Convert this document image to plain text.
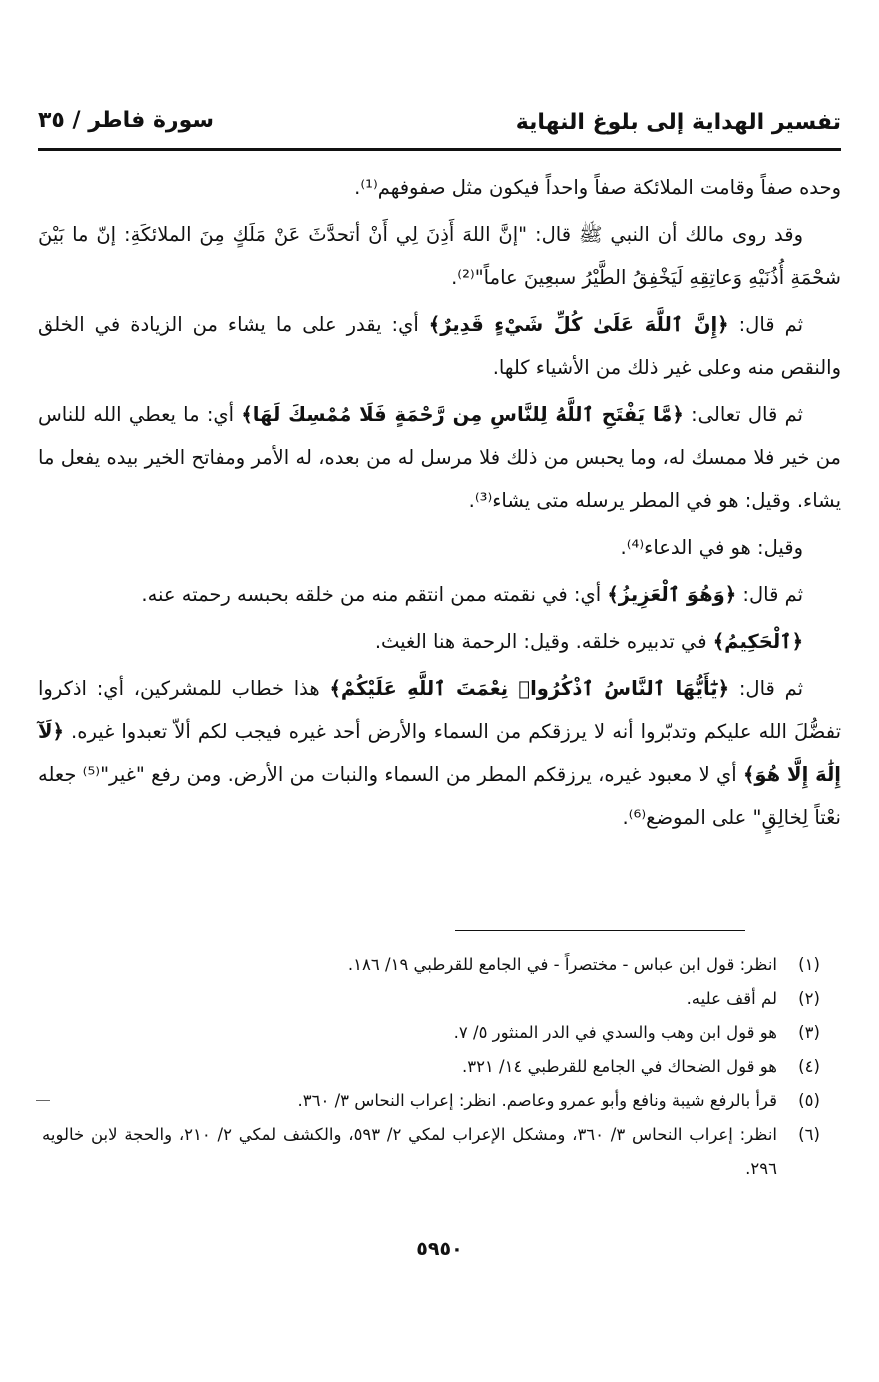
تفسير الهداية إلى بلوغ النهاية
سورة فاطر / ٣٥

وحده صفاً وقامت الملائكة صفاً واحداً فيكون مثل صفوفهم⁽¹⁾.

وقد روى مالك أن النبي ﷺ قال: "إنَّ اللهَ أَذِنَ لِي أَنْ أتحدَّثَ عَنْ مَلَكٍ مِنَ الملائكَةِ: إنّ ما بَيْنَ شحْمَةِ أُذُنَيْهِ وَعاتِقِهِ لَيَخْفِقُ الطَّيْرُ سبعِينَ عاماً"⁽²⁾.

ثم قال: ﴿إِنَّ ٱللَّهَ عَلَىٰ كُلِّ شَيْءٍ قَدِيرٌ﴾ أي: يقدر على ما يشاء من الزيادة في الخلق والنقص منه وعلى غير ذلك من الأشياء كلها.

ثم قال تعالى: ﴿مَّا يَفْتَحِ ٱللَّهُ لِلنَّاسِ مِن رَّحْمَةٍ فَلَا مُمْسِكَ لَهَا﴾ أي: ما يعطي الله للناس من خير فلا ممسك له، وما يحبس من ذلك فلا مرسل له من بعده، له الأمر ومفاتح الخير بيده يفعل ما يشاء. وقيل: هو في المطر يرسله متى يشاء⁽³⁾.

وقيل: هو في الدعاء⁽⁴⁾.

ثم قال: ﴿وَهُوَ ٱلْعَزِيزُ﴾ أي: في نقمته ممن انتقم منه من خلقه بحبسه رحمته عنه.

﴿ٱلْحَكِيمُ﴾ في تدبيره خلقه. وقيل: الرحمة هنا الغيث.

ثم قال: ﴿يَٰٓأَيُّهَا ٱلنَّاسُ ٱذْكُرُوا۟ نِعْمَتَ ٱللَّهِ عَلَيْكُمْ﴾ هذا خطاب للمشركين، أي: اذكروا تفضُّلَ الله عليكم وتدبّروا أنه لا يرزقكم من السماء والأرض أحد غيره فيجب لكم ألاّ تعبدوا غيره. ﴿لَآ إِلَٰهَ إِلَّا هُوَ﴾ أي لا معبود غيره، يرزقكم المطر من السماء والنبات من الأرض. ومن رفع "غير"⁽⁵⁾ جعله نعْتاً لِخالِقٍ" على الموضع⁽⁶⁾.

(١)
انظر: قول ابن عباس - مختصراً - في الجامع للقرطبي ١٩/ ١٨٦.
(٢)
لم أقف عليه.
(٣)
هو قول ابن وهب والسدي في الدر المنثور ٥/ ٧.
(٤)
هو قول الضحاك في الجامع للقرطبي ١٤/ ٣٢١.
(٥)
قرأ بالرفع شيبة ونافع وأبو عمرو وعاصم. انظر: إعراب النحاس ٣/ ٣٦٠.
(٦)
انظر: إعراب النحاس ٣/ ٣٦٠، ومشكل الإعراب لمكي ٢/ ٥٩٣، والكشف لمكي ٢/ ٢١٠، والحجة لابن خالويه ٢٩٦.
٥٩٥٠
